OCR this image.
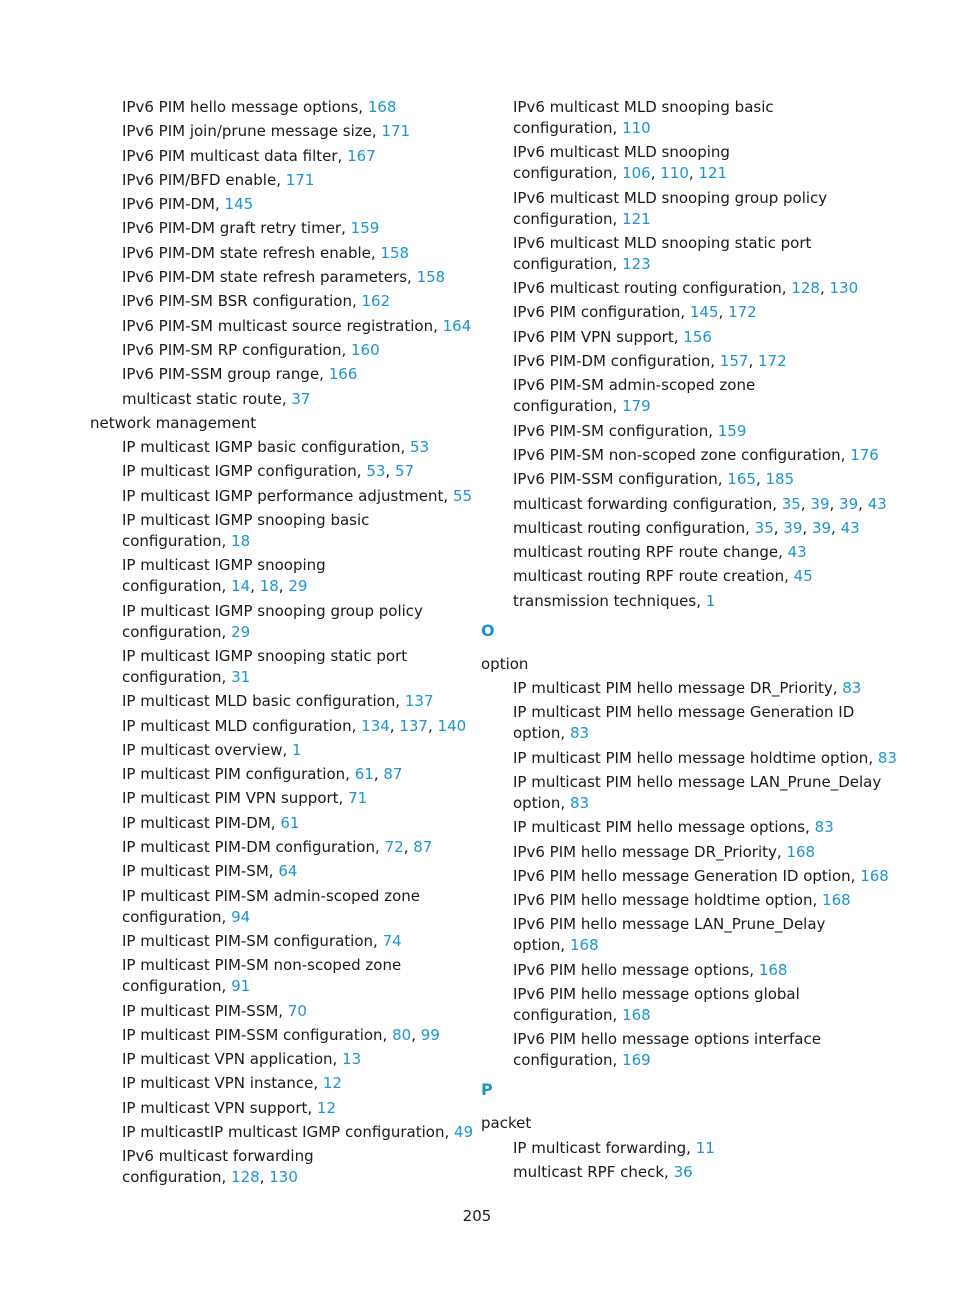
IPv6 PIM hello message options, 168
IPv6 PIM join/prune message size, 171
IPv6 PIM multicast data filter, 167
IPv6 PIM/BFD enable, 171
IPv6 PIM-DM, 145
IPv6 PIM-DM graft retry timer, 159
IPv6 PIM-DM state refresh enable, 158
IPv6 PIM-DM state refresh parameters, 158
IPv6 PIM-SM BSR configuration, 162
IPv6 PIM-SM multicast source registration, 164
IPv6 PIM-SM RP configuration, 160
IPv6 PIM-SSM group range, 166
multicast static route, 37
network management
IP multicast IGMP basic configuration, 53
IP multicast IGMP configuration, 53, 57
IP multicast IGMP performance adjustment, 55
IP multicast IGMP snooping basic
configuration, 18
IP multicast IGMP snooping
configuration, 14, 18, 29
IP multicast IGMP snooping group policy
configuration, 29
IP multicast IGMP snooping static port
configuration, 31
IP multicast MLD basic configuration, 137
IP multicast MLD configuration, 134, 137, 140
IP multicast overview, 1
IP multicast PIM configuration, 61, 87
IP multicast PIM VPN support, 71
IP multicast PIM-DM, 61
IP multicast PIM-DM configuration, 72, 87
IP multicast PIM-SM, 64
IP multicast PIM-SM admin-scoped zone
configuration, 94
IP multicast PIM-SM configuration, 74
IP multicast PIM-SM non-scoped zone
configuration, 91
IP multicast PIM-SSM, 70
IP multicast PIM-SSM configuration, 80, 99
IP multicast VPN application, 13
IP multicast VPN instance, 12
IP multicast VPN support, 12
IP multicastIP multicast IGMP configuration, 49
IPv6 multicast forwarding
configuration, 128, 130
IPv6 multicast MLD snooping basic
configuration, 110
IPv6 multicast MLD snooping
configuration, 106, 110, 121
IPv6 multicast MLD snooping group policy
configuration, 121
IPv6 multicast MLD snooping static port
configuration, 123
IPv6 multicast routing configuration, 128, 130
IPv6 PIM configuration, 145, 172
IPv6 PIM VPN support, 156
IPv6 PIM-DM configuration, 157, 172
IPv6 PIM-SM admin-scoped zone
configuration, 179
IPv6 PIM-SM configuration, 159
IPv6 PIM-SM non-scoped zone configuration, 176
IPv6 PIM-SSM configuration, 165, 185
multicast forwarding configuration, 35, 39, 39, 43
multicast routing configuration, 35, 39, 39, 43
multicast routing RPF route change, 43
multicast routing RPF route creation, 45
transmission techniques, 1
O
option
IP multicast PIM hello message DR_Priority, 83
IP multicast PIM hello message Generation ID
option, 83
IP multicast PIM hello message holdtime option, 83
IP multicast PIM hello message LAN_Prune_Delay
option, 83
IP multicast PIM hello message options, 83
IPv6 PIM hello message DR_Priority, 168
IPv6 PIM hello message Generation ID option, 168
IPv6 PIM hello message holdtime option, 168
IPv6 PIM hello message LAN_Prune_Delay
option, 168
IPv6 PIM hello message options, 168
IPv6 PIM hello message options global
configuration, 168
IPv6 PIM hello message options interface
configuration, 169
P
packet
IP multicast forwarding, 11
multicast RPF check, 36
205
